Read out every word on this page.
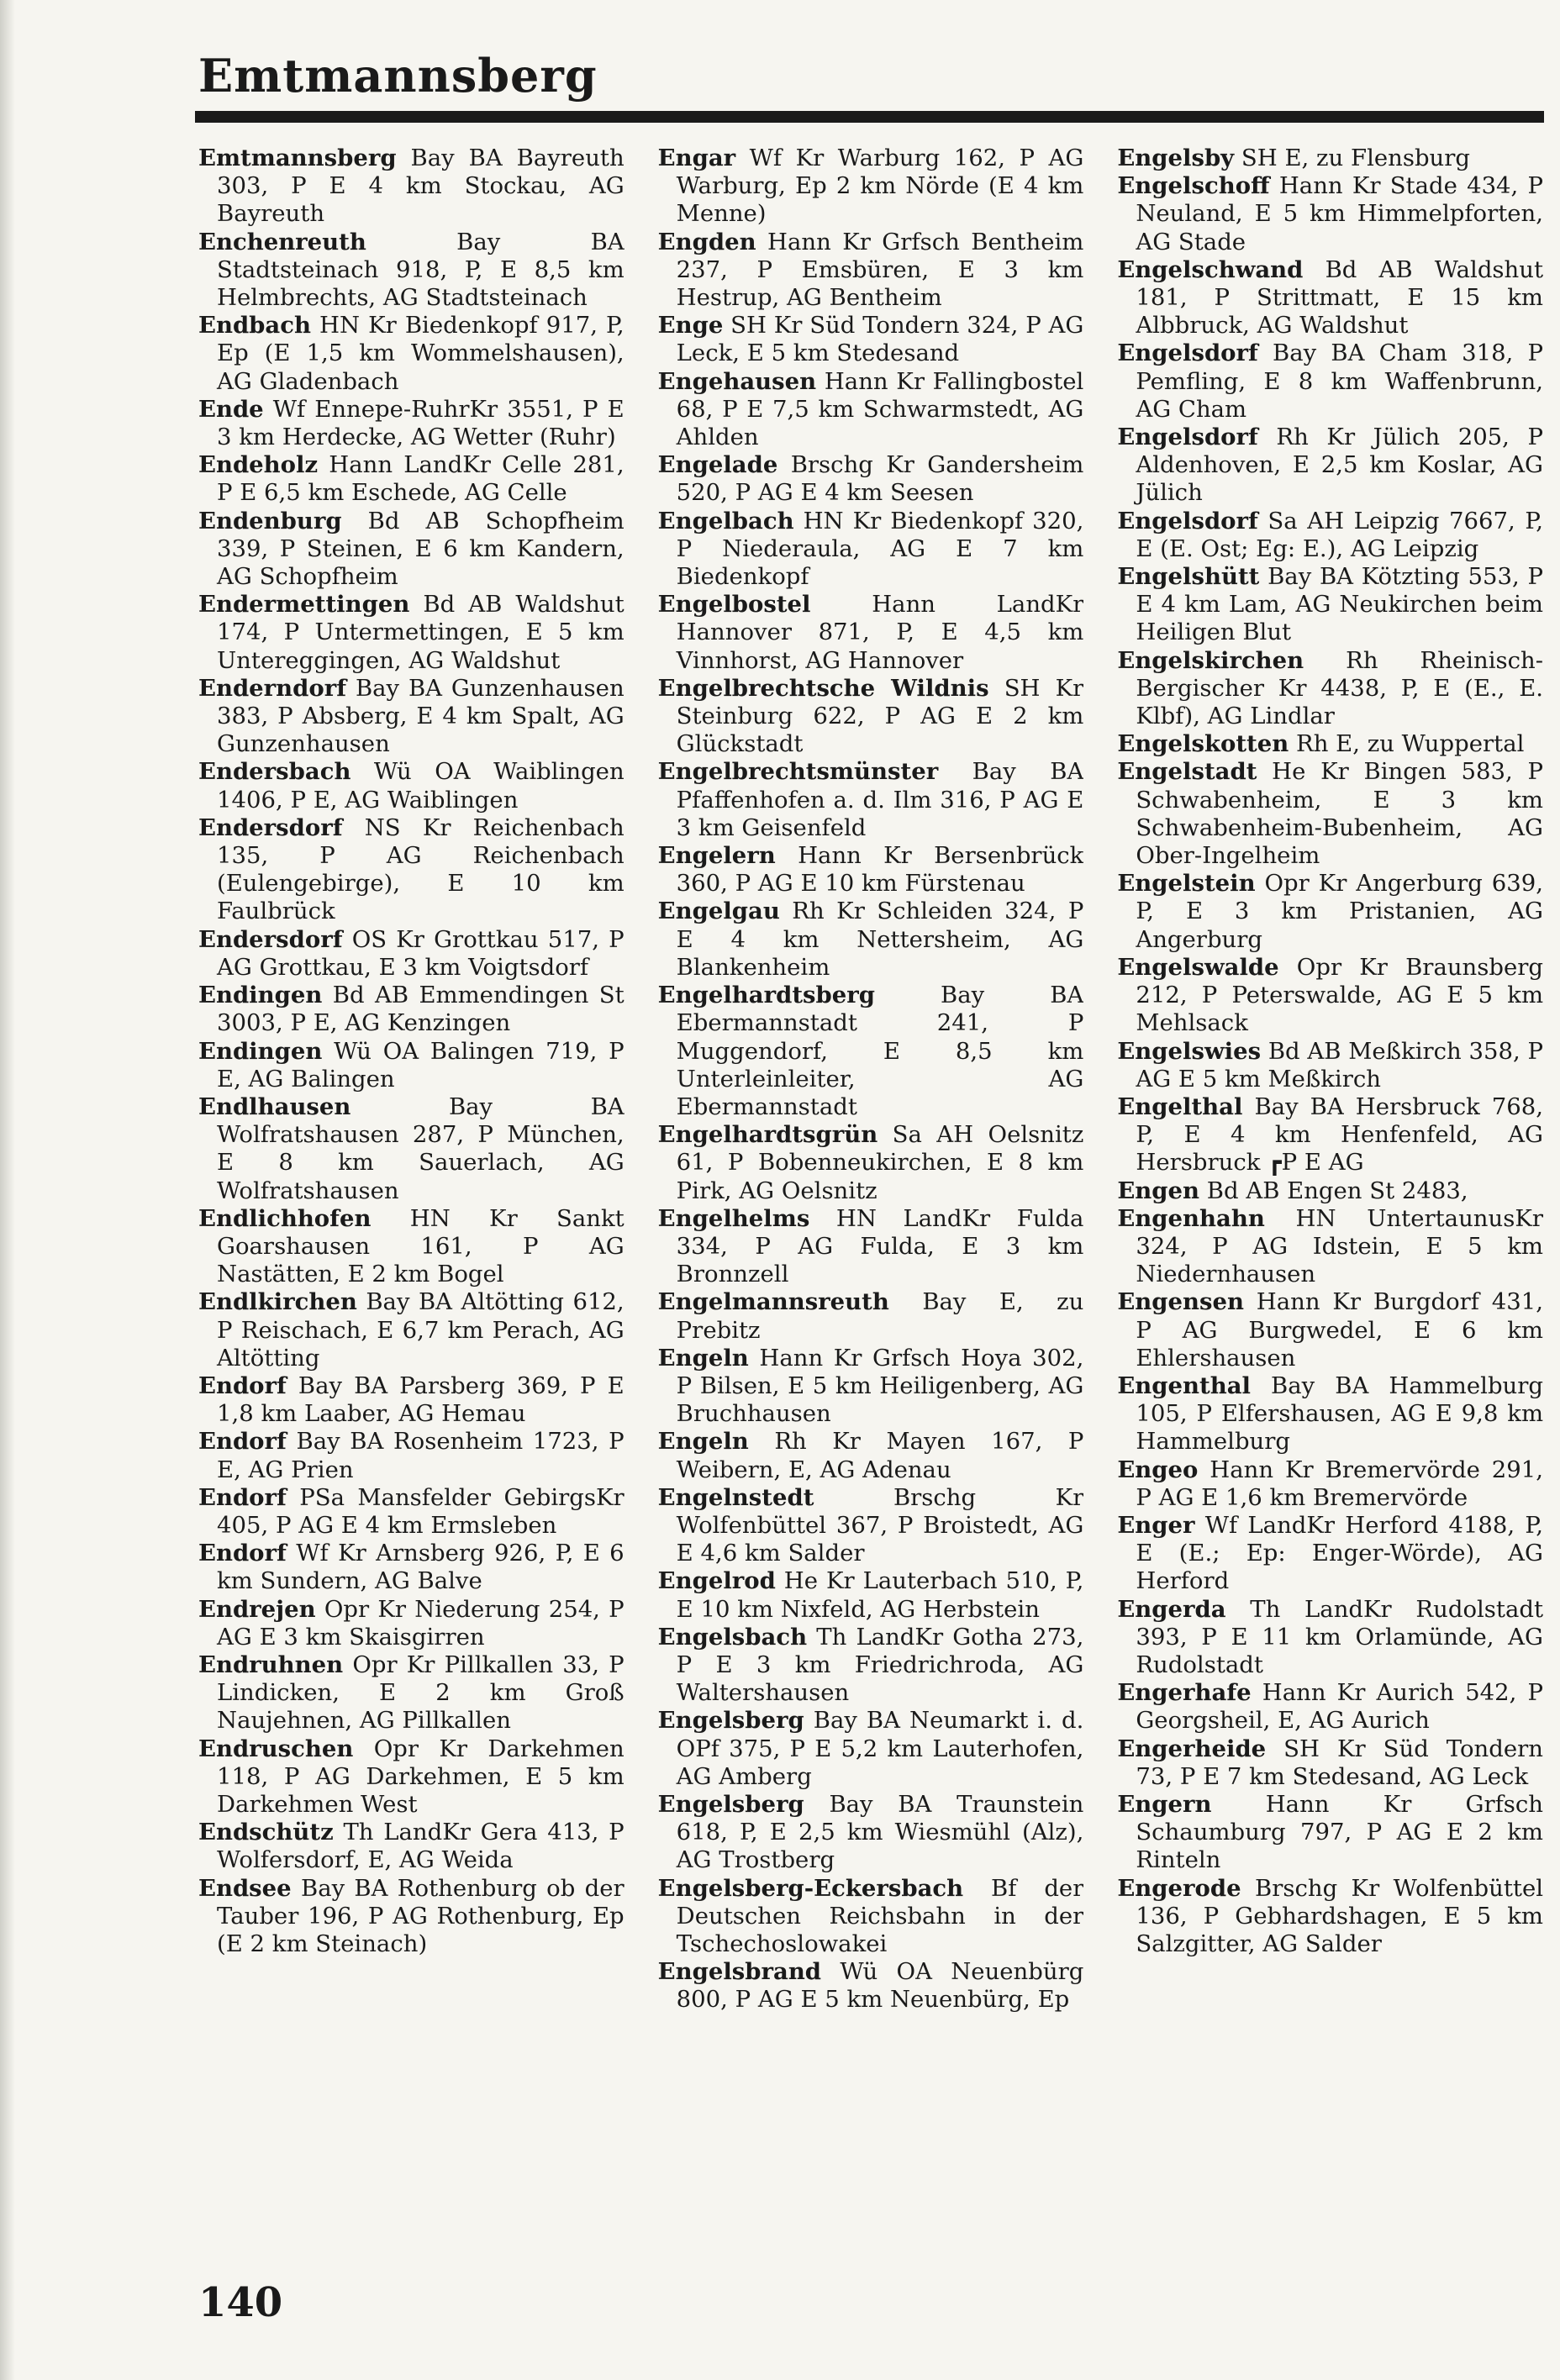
Emtmannsberg

Emtmannsberg Bay BA Bayreuth 303, P E 4 km Stockau, AG Bayreuth

Enchenreuth	Bay BA Stadtsteinach 918, P, E 8,5 km Helmbrechts, AG Stadtsteinach

Endbach HN Kr Biedenkopf 917, P, Ep (E 1,5 km Wommelshausen), AG Gladenbach

Ende Wf Ennepe-RuhrKr 3551, P E 3 km Herdecke, AG Wetter (Ruhr)

Endeholz Hann LandKr Celle 281, P E 6,5 km Eschede, AG Celle

Endenburg Bd AB Schopfheim 339, P Steinen, E 6 km Kandern, AG Schopfheim

Endermettingen Bd AB Waldshut 174, P Untermettingen, E 5 km Untereggingen, AG Waldshut

Enderndorf Bay BA Gunzenhausen 383, P Absberg, E 4 km Spalt, AG Gunzenhausen

Endersbach Wü OA Waiblingen 1406, P E, AG Waiblingen

Endersdorf NS Kr Reichenbach 135, P AG Reichenbach (Eulengebirge), E 10 km Faulbrück

Endersdorf OS Kr Grottkau 517, P AG Grottkau, E 3 km Voigtsdorf

Endingen Bd AB Emmendingen St 3003, P E, AG Kenzingen

Endingen Wü OA Balingen 719, P E, AG Balingen

Endlhausen	Bay BA Wolfratshausen 287, P München, E 8 km Sauerlach, AG Wolfratshausen

Endlichhofen HN Kr Sankt Goarshausen 161, P AG Nastätten, E 2 km Bogel

Endlkirchen Bay BA Altötting 612, P Reischach, E 6,7 km Perach, AG Altötting

Endorf Bay BA Parsberg 369, P E 1,8 km Laaber, AG Hemau

Endorf Bay BA Rosenheim 1723, P E, AG Prien

Endorf PSa Mansfelder GebirgsKr 405, P AG E 4 km Ermsleben

Endorf Wf Kr Arnsberg 926, P, E 6 km Sundern, AG Balve

Endrejen Opr Kr Niederung 254, P AG E 3 km Skaisgirren

Endruhnen Opr Kr Pillkallen 33, P Lindicken, E 2 km Groß Naujehnen, AG Pillkallen

Endruschen Opr Kr Darkehmen 118, P AG Darkehmen, E 5 km Darkehmen West

Endschütz Th LandKr Gera 413, P Wolfersdorf, E, AG Weida

Endsee Bay BA Rothenburg ob der Tauber 196, P AG Rothenburg, Ep (E 2 km Steinach)

Engar Wf Kr Warburg 162, P AG Warburg, Ep 2 km Nörde (E 4 km Menne)

Engden Hann Kr Grfsch Bentheim 237, P Emsbüren, E 3 km Hestrup, AG Bentheim

Enge SH Kr Süd Tondern 324, P AG Leck, E 5 km Stedesand

Engehausen Hann Kr Fallingbostel 68, P E 7,5 km Schwarmstedt, AG Ahlden

Engelade Brschg Kr Gandersheim 520, P AG E 4 km Seesen

Engelbach HN Kr Biedenkopf 320, P Niederaula, AG E 7 km Biedenkopf

Engelbostel	Hann LandKr Hannover 871, P, E 4,5 km Vinnhorst, AG Hannover

Engelbrechtsche Wildnis SH Kr Steinburg 622, P AG E 2 km Glückstadt

Engelbrechtsmünster Bay BA Pfaffenhofen a. d. Ilm 316, P AG E 3 km Geisenfeld

Engelern Hann Kr Bersenbrück 360, P AG E 10 km Fürstenau

Engelgau Rh Kr Schleiden 324, P E 4 km Nettersheim, AG Blankenheim

Engelhardtsberg	Bay BA Ebermannstadt 241, P Muggendorf, E 8,5 km Unterleinleiter, AG Ebermannstadt

Engelhardtsgrün Sa AH Oelsnitz 61, P Bobenneukirchen, E 8 km Pirk, AG Oelsnitz

Engelhelms HN LandKr Fulda 334, P AG Fulda, E 3 km Bronnzell

Engelmannsreuth Bay E, zu Prebitz

Engeln Hann Kr Grfsch Hoya 302, P Bilsen, E 5 km Heiligenberg, AG Bruchhausen

Engeln Rh Kr Mayen 167, P Weibern, E, AG Adenau

Engelnstedt	Brschg Kr Wolfenbüttel 367, P Broistedt, AG E 4,6 km Salder

Engelrod He Kr Lauterbach 510, P, E 10 km Nixfeld, AG Herbstein

Engelsbach Th LandKr Gotha 273, P E 3 km Friedrichroda, AG Waltershausen

Engelsberg Bay BA Neumarkt i. d. OPf 375, P E 5,2 km Lauterhofen, AG Amberg

Engelsberg Bay BA Traunstein 618, P, E 2,5 km Wiesmühl (Alz), AG Trostberg

Engelsberg-Eckersbach Bf der Deutschen Reichsbahn in der Tschechoslowakei

Engelsbrand Wü OA Neuenbürg 800, P AG E 5 km Neuenbürg, Ep

Engelsby SH E, zu Flensburg

Engelschoff Hann Kr Stade 434, P Neuland, E 5 km Himmelpforten, AG Stade

Engelschwand Bd AB Waldshut 181, P Strittmatt, E 15 km Albbruck, AG Waldshut

Engelsdorf Bay BA Cham 318, P Pemfling, E 8 km Waffenbrunn, AG Cham

Engelsdorf Rh Kr Jülich 205, P Aldenhoven, E 2,5 km Koslar, AG Jülich

Engelsdorf Sa AH Leipzig 7667, P, E (E. Ost; Eg: E.), AG Leipzig

Engelshütt Bay BA Kötzting 553, P E 4 km Lam, AG Neukirchen beim Heiligen Blut

Engelskirchen Rh Rheinisch-Bergischer Kr 4438, P, E (E., E. Klbf), AG Lindlar

Engelskotten Rh E, zu Wuppertal

Engelstadt He Kr Bingen 583, P Schwabenheim, E 3 km Schwabenheim-Bubenheim, AG Ober-Ingelheim

Engelstein Opr Kr Angerburg 639, P, E 3 km Pristanien, AG Angerburg

Engelswalde Opr Kr Braunsberg 212, P Peterswalde, AG E 5 km Mehlsack

Engelswies Bd AB Meßkirch 358, P AG E 5 km Meßkirch

Engelthal Bay BA Hersbruck 768, P, E 4 km Henfenfeld, AG Hersbruck ┏P E AG

Engen Bd AB Engen St 2483,

Engenhahn HN UntertaunusKr 324, P AG Idstein, E 5 km Niedernhausen

Engensen Hann Kr Burgdorf 431, P AG Burgwedel, E 6 km Ehlershausen

Engenthal Bay BA Hammelburg 105, P Elfershausen, AG E 9,8 km Hammelburg

Engeo Hann Kr Bremervörde 291, P AG E 1,6 km Bremervörde

Enger Wf LandKr Herford 4188, P, E (E.; Ep: Enger-Wörde), AG Herford

Engerda Th LandKr Rudolstadt 393, P E 11 km Orlamünde, AG Rudolstadt

Engerhafe Hann Kr Aurich 542, P Georgsheil, E, AG Aurich

Engerheide SH Kr Süd Tondern 73, P E 7 km Stedesand, AG Leck

Engern Hann Kr Grfsch Schaumburg 797, P AG E 2 km Rinteln

Engerode Brschg Kr Wolfenbüttel 136, P Gebhardshagen, E 5 km Salzgitter, AG Salder

140
